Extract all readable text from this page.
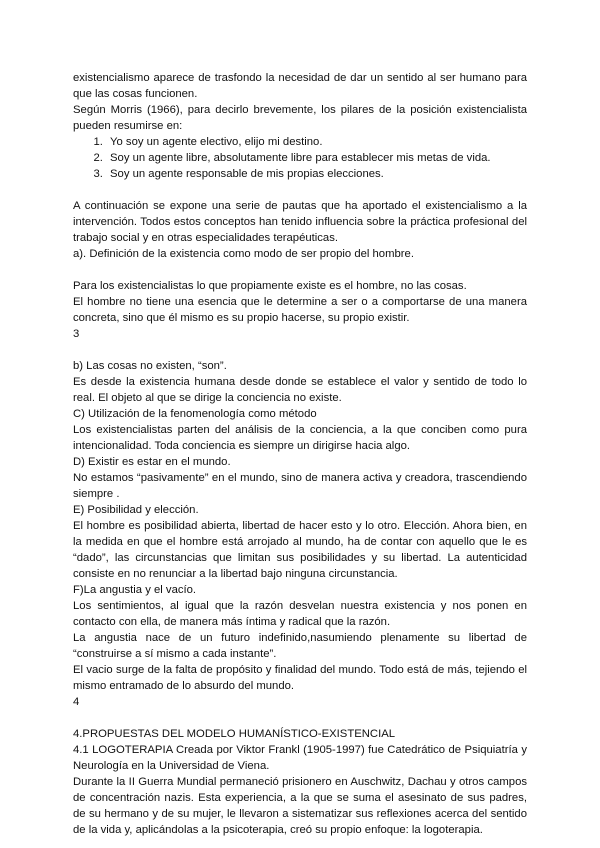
existencialismo aparece de trasfondo la necesidad de dar un sentido al ser humano para que las cosas funcionen.

Según Morris (1966), para decirlo brevemente, los pilares de la posición existencialista pueden resumirse en:

1. Yo soy un agente electivo, elijo mi destino.
2. Soy un agente libre, absolutamente libre para establecer mis metas de vida.
3. Soy un agente responsable de mis propias elecciones.

A continuación se expone una serie de pautas que ha aportado el existencialismo a la intervención. Todos estos conceptos han tenido influencia sobre la práctica profesional del trabajo social y en otras especialidades terapéuticas.

a). Definición de la existencia como modo de ser propio del hombre.

Para los existencialistas lo que propiamente existe es el hombre, no las cosas.

El hombre no tiene una esencia que le determine a ser o a comportarse de una manera concreta, sino que él mismo es su propio hacerse, su propio existir.

3

b) Las cosas no existen, “son”.

Es desde la existencia humana desde donde se establece el valor y sentido de todo lo real. El objeto al que se dirige la conciencia no existe.

C) Utilización de la fenomenología como método

Los existencialistas parten del análisis de la conciencia, a la que conciben como pura intencionalidad. Toda conciencia es siempre un dirigirse hacia algo.

D) Existir es estar en el mundo.

No estamos “pasivamente” en el mundo, sino de manera activa y creadora, trascendiendo siempre .

E) Posibilidad y elección.

El hombre es posibilidad abierta, libertad de hacer esto y lo otro. Elección. Ahora bien, en la medida en que el hombre está arrojado al mundo, ha de contar con aquello que le es “dado”, las circunstancias que limitan sus posibilidades y su libertad. La autenticidad consiste en no renunciar a la libertad bajo ninguna circunstancia.

F)La angustia y el vacío.

Los sentimientos, al igual que la razón desvelan nuestra existencia y nos ponen en contacto con ella, de manera más íntima y radical que la razón.

La angustia nace de un futuro indefinido,nasumiendo plenamente su libertad de “construirse a sí mismo a cada instante”.

El vacio surge de la falta de propósito y finalidad del mundo. Todo está de más, tejiendo el mismo entramado de lo absurdo del mundo.

4

4.PROPUESTAS DEL MODELO HUMANÍSTICO-EXISTENCIAL

4.1 LOGOTERAPIA Creada por Viktor Frankl (1905-1997) fue Catedrático de Psiquiatría y Neurología en la Universidad de Viena.

Durante la II Guerra Mundial permaneció prisionero en Auschwitz, Dachau y otros campos de concentración nazis. Esta experiencia, a la que se suma el asesinato de sus padres, de su hermano y de su mujer, le llevaron a sistematizar sus reflexiones acerca del sentido de la vida y, aplicándolas a la psicoterapia, creó su propio enfoque: la logoterapia.
